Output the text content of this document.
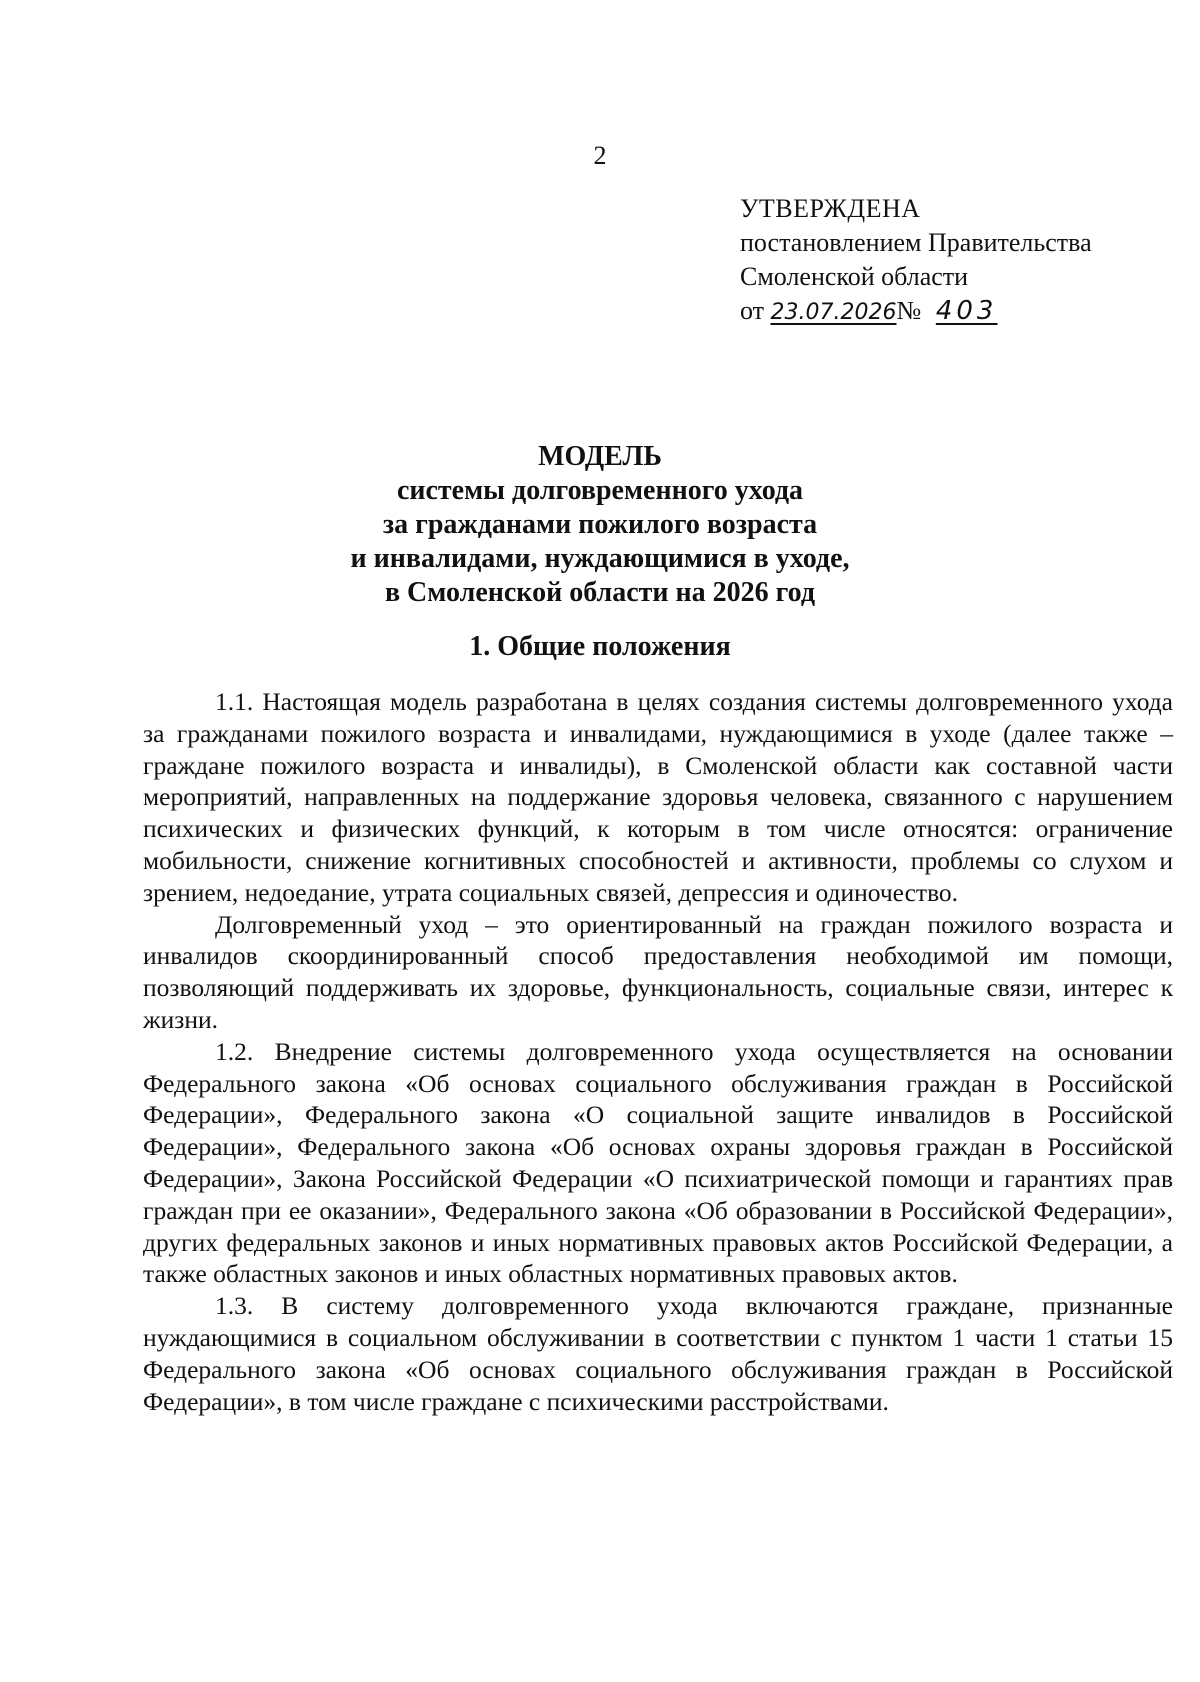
2
УТВЕРЖДЕНА
постановлением Правительства
Смоленской области
от 23.07.2026№ 403
МОДЕЛЬ
системы долговременного ухода
за гражданами пожилого возраста
и инвалидами, нуждающимися в уходе,
в Смоленской области на 2026 год
1. Общие положения

1.1. Настоящая модель разработана в целях создания системы долговременного ухода за гражданами пожилого возраста и инвалидами, нуждающимися в уходе (далее также – граждане пожилого возраста и инвалиды), в Смоленской области как составной части мероприятий, направленных на поддержание здоровья человека, связанного с нарушением психических и физических функций, к которым в том числе относятся: ограничение мобильности, снижение когнитивных способностей и активности, проблемы со слухом и зрением, недоедание, утрата социальных связей, депрессия и одиночество.

Долговременный уход – это ориентированный на граждан пожилого возраста и инвалидов скоординированный способ предоставления необходимой им помощи, позволяющий поддерживать их здоровье, функциональность, социальные связи, интерес к жизни.

1.2. Внедрение системы долговременного ухода осуществляется на основании Федерального закона «Об основах социального обслуживания граждан в Российской Федерации», Федерального закона «О социальной защите инвалидов в Российской Федерации», Федерального закона «Об основах охраны здоровья граждан в Российской Федерации», Закона Российской Федерации «О психиатрической помощи и гарантиях прав граждан при ее оказании», Федерального закона «Об образовании в Российской Федерации», других федеральных законов и иных нормативных правовых актов Российской Федерации, а также областных законов и иных областных нормативных правовых актов.

1.3. В систему долговременного ухода включаются граждане, признанные нуждающимися в социальном обслуживании в соответствии с пунктом 1 части 1 статьи 15 Федерального закона «Об основах социального обслуживания граждан в Российской Федерации», в том числе граждане с психическими расстройствами.
